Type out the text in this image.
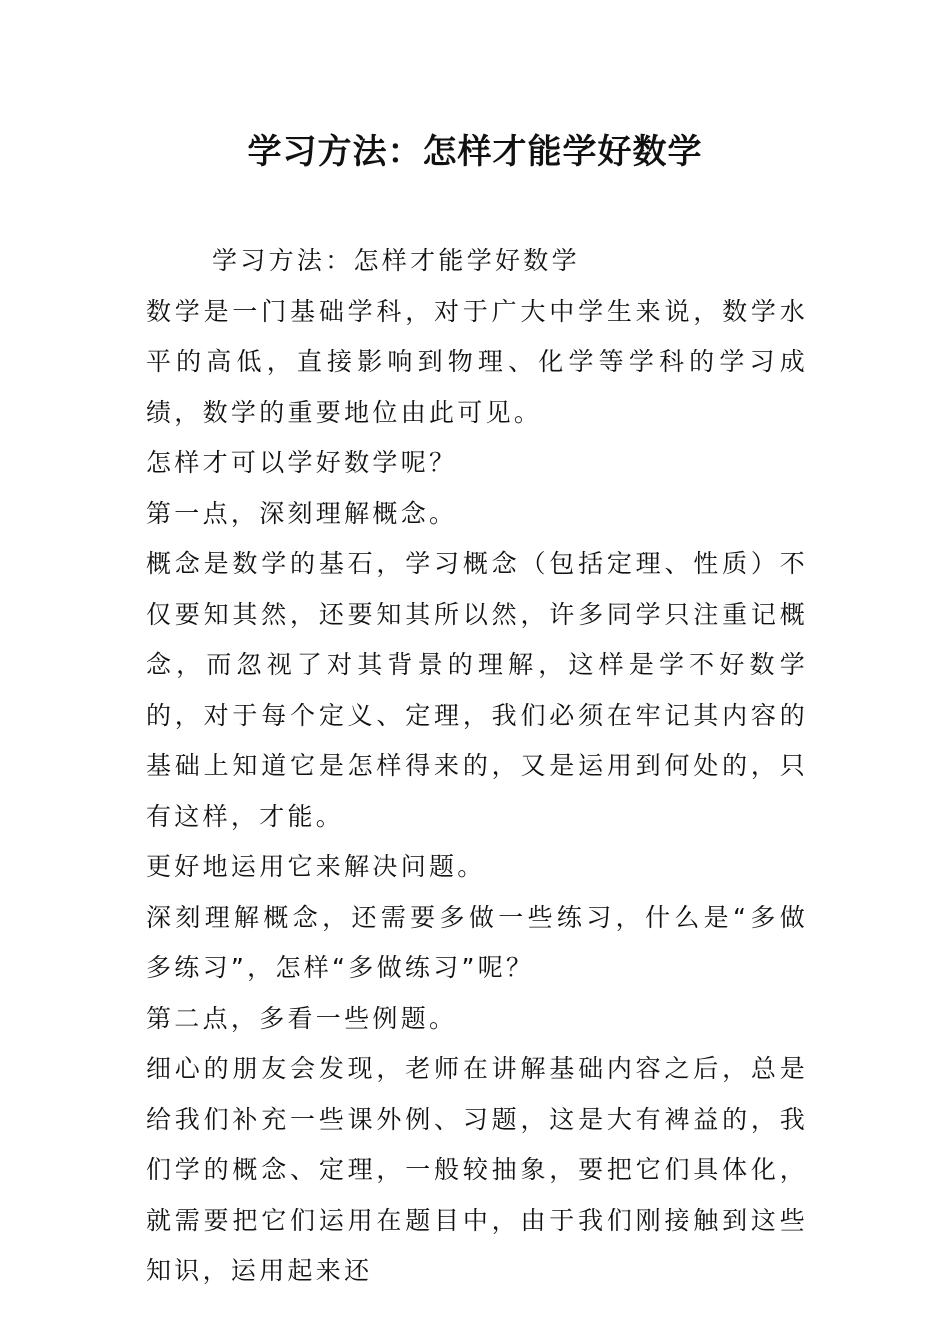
学习方法：怎样才能学好数学

学习方法：怎样才能学好数学

数学是一门基础学科，对于广大中学生来说，数学水平的高低，直接影响到物理、化学等学科的学习成绩，数学的重要地位由此可见。

怎样才可以学好数学呢？

第一点，深刻理解概念。

概念是数学的基石，学习概念（包括定理、性质）不仅要知其然，还要知其所以然，许多同学只注重记概念，而忽视了对其背景的理解，这样是学不好数学的，对于每个定义、定理，我们必须在牢记其内容的基础上知道它是怎样得来的，又是运用到何处的，只有这样，才能。

更好地运用它来解决问题。

深刻理解概念，还需要多做一些练习，什么是“多做多练习”，怎样“多做练习”呢？

第二点，多看一些例题。

细心的朋友会发现，老师在讲解基础内容之后，总是给我们补充一些课外例、习题，这是大有裨益的，我们学的概念、定理，一般较抽象，要把它们具体化，就需要把它们运用在题目中，由于我们刚接触到这些知识，运用起来还
